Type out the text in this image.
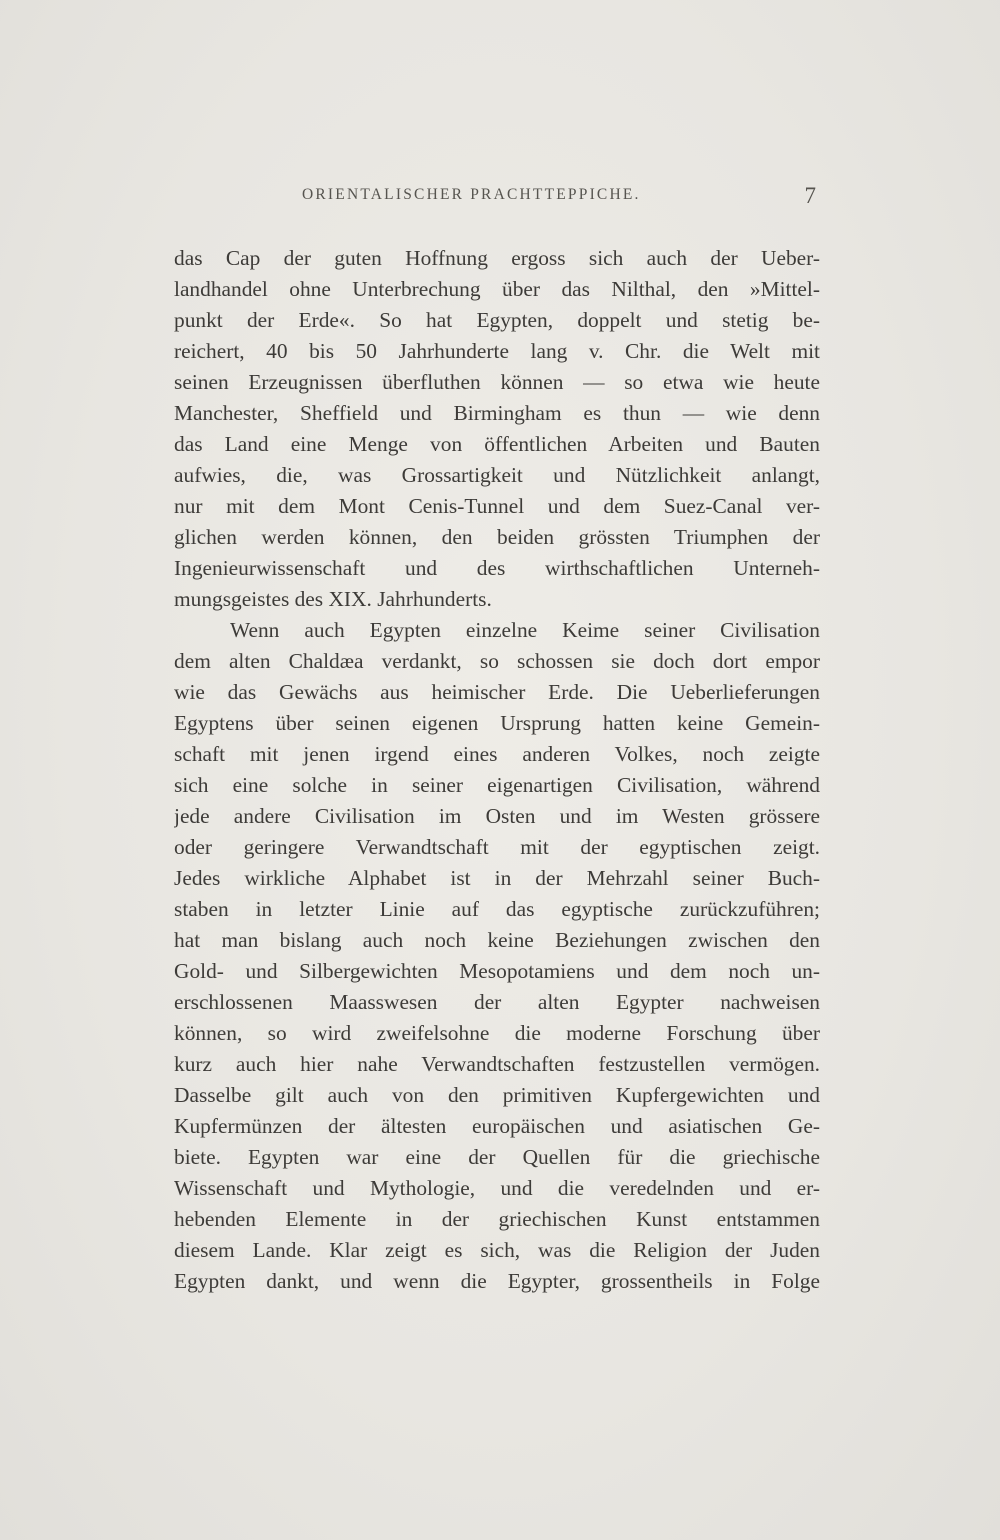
ORIENTALISCHER PRACHTTEPPICHE.	7
das Cap der guten Hoffnung ergoss sich auch der Ueber-
landhandel ohne Unterbrechung über das Nilthal, den »Mittel-
punkt der Erde«. So hat Egypten, doppelt und stetig be-
reichert, 40 bis 50 Jahrhunderte lang v. Chr. die Welt mit
seinen Erzeugnissen überfluthen können — so etwa wie heute
Manchester, Sheffield und Birmingham es thun — wie denn
das Land eine Menge von öffentlichen Arbeiten und Bauten
aufwies, die, was Grossartigkeit und Nützlichkeit anlangt,
nur mit dem Mont Cenis-Tunnel und dem Suez-Canal ver-
glichen werden können, den beiden grössten Triumphen der
Ingenieurwissenschaft und des wirthschaftlichen Unterneh-
mungsgeistes des XIX. Jahrhunderts.
Wenn auch Egypten einzelne Keime seiner Civilisation
dem alten Chaldæa verdankt, so schossen sie doch dort empor
wie das Gewächs aus heimischer Erde. Die Ueberlieferungen
Egyptens über seinen eigenen Ursprung hatten keine Gemein-
schaft mit jenen irgend eines anderen Volkes, noch zeigte
sich eine solche in seiner eigenartigen Civilisation, während
jede andere Civilisation im Osten und im Westen grössere
oder geringere Verwandtschaft mit der egyptischen zeigt.
Jedes wirkliche Alphabet ist in der Mehrzahl seiner Buch-
staben in letzter Linie auf das egyptische zurückzuführen;
hat man bislang auch noch keine Beziehungen zwischen den
Gold- und Silbergewichten Mesopotamiens und dem noch un-
erschlossenen Maasswesen der alten Egypter nachweisen
können, so wird zweifelsohne die moderne Forschung über
kurz auch hier nahe Verwandtschaften festzustellen vermögen.
Dasselbe gilt auch von den primitiven Kupfergewichten und
Kupfermünzen der ältesten europäischen und asiatischen Ge-
biete. Egypten war eine der Quellen für die griechische
Wissenschaft und Mythologie, und die veredelnden und er-
hebenden Elemente in der griechischen Kunst entstammen
diesem Lande. Klar zeigt es sich, was die Religion der Juden
Egypten dankt, und wenn die Egypter, grossentheils in Folge
